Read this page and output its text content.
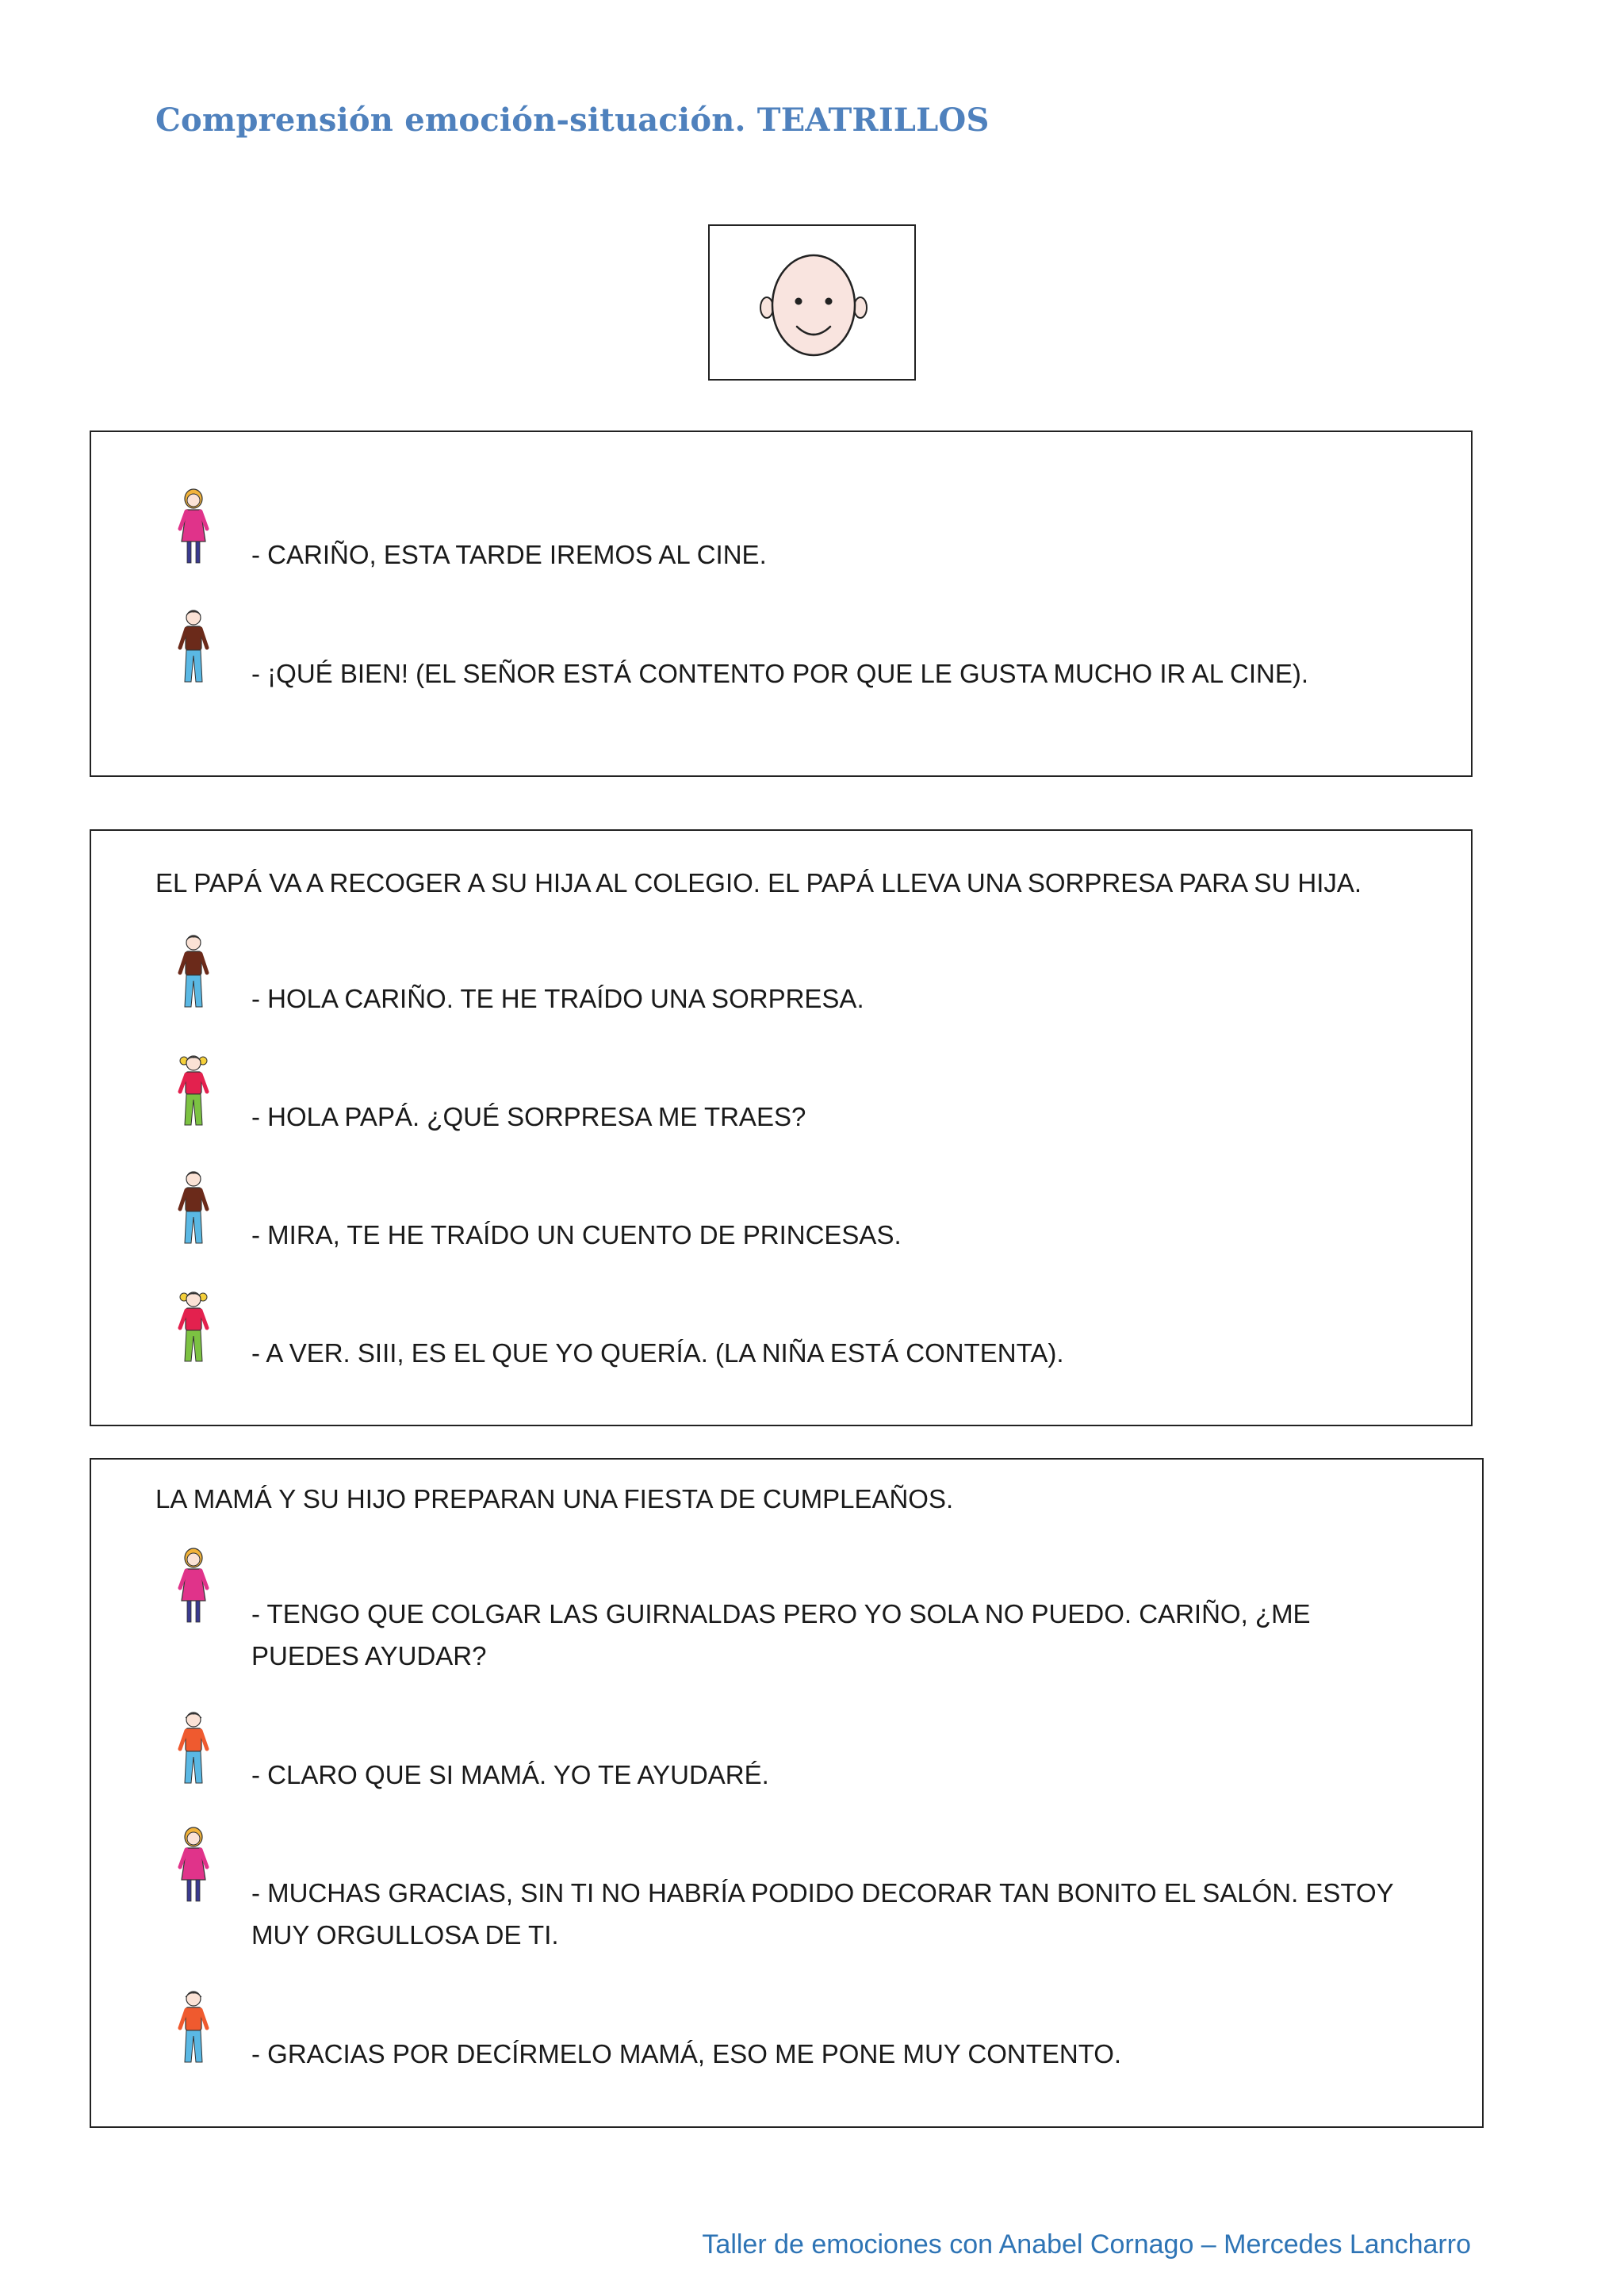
Comprensión emoción-situación. TEATRILLOS
- CARIÑO, ESTA TARDE IREMOS AL CINE.
- ¡QUÉ BIEN! (EL SEÑOR ESTÁ CONTENTO POR QUE LE GUSTA MUCHO IR AL CINE).
EL PAPÁ VA A RECOGER A SU HIJA AL COLEGIO. EL PAPÁ LLEVA UNA SORPRESA PARA SU HIJA.
- HOLA CARIÑO. TE HE TRAÍDO UNA SORPRESA.
- HOLA PAPÁ. ¿QUÉ SORPRESA ME TRAES?
- MIRA, TE HE TRAÍDO UN CUENTO DE PRINCESAS.
- A VER. SIII, ES EL QUE YO QUERÍA. (LA NIÑA ESTÁ CONTENTA).
LA MAMÁ Y SU HIJO PREPARAN UNA FIESTA DE CUMPLEAÑOS.
- TENGO QUE COLGAR LAS GUIRNALDAS PERO YO SOLA NO PUEDO. CARIÑO, ¿ME PUEDES AYUDAR?
- CLARO QUE SI MAMÁ. YO TE AYUDARÉ.
- MUCHAS GRACIAS, SIN TI NO HABRÍA PODIDO DECORAR TAN BONITO EL SALÓN. ESTOY MUY ORGULLOSA DE TI.
- GRACIAS POR DECÍRMELO MAMÁ, ESO ME PONE MUY CONTENTO.
Taller de emociones con Anabel Cornago – Mercedes Lancharro
